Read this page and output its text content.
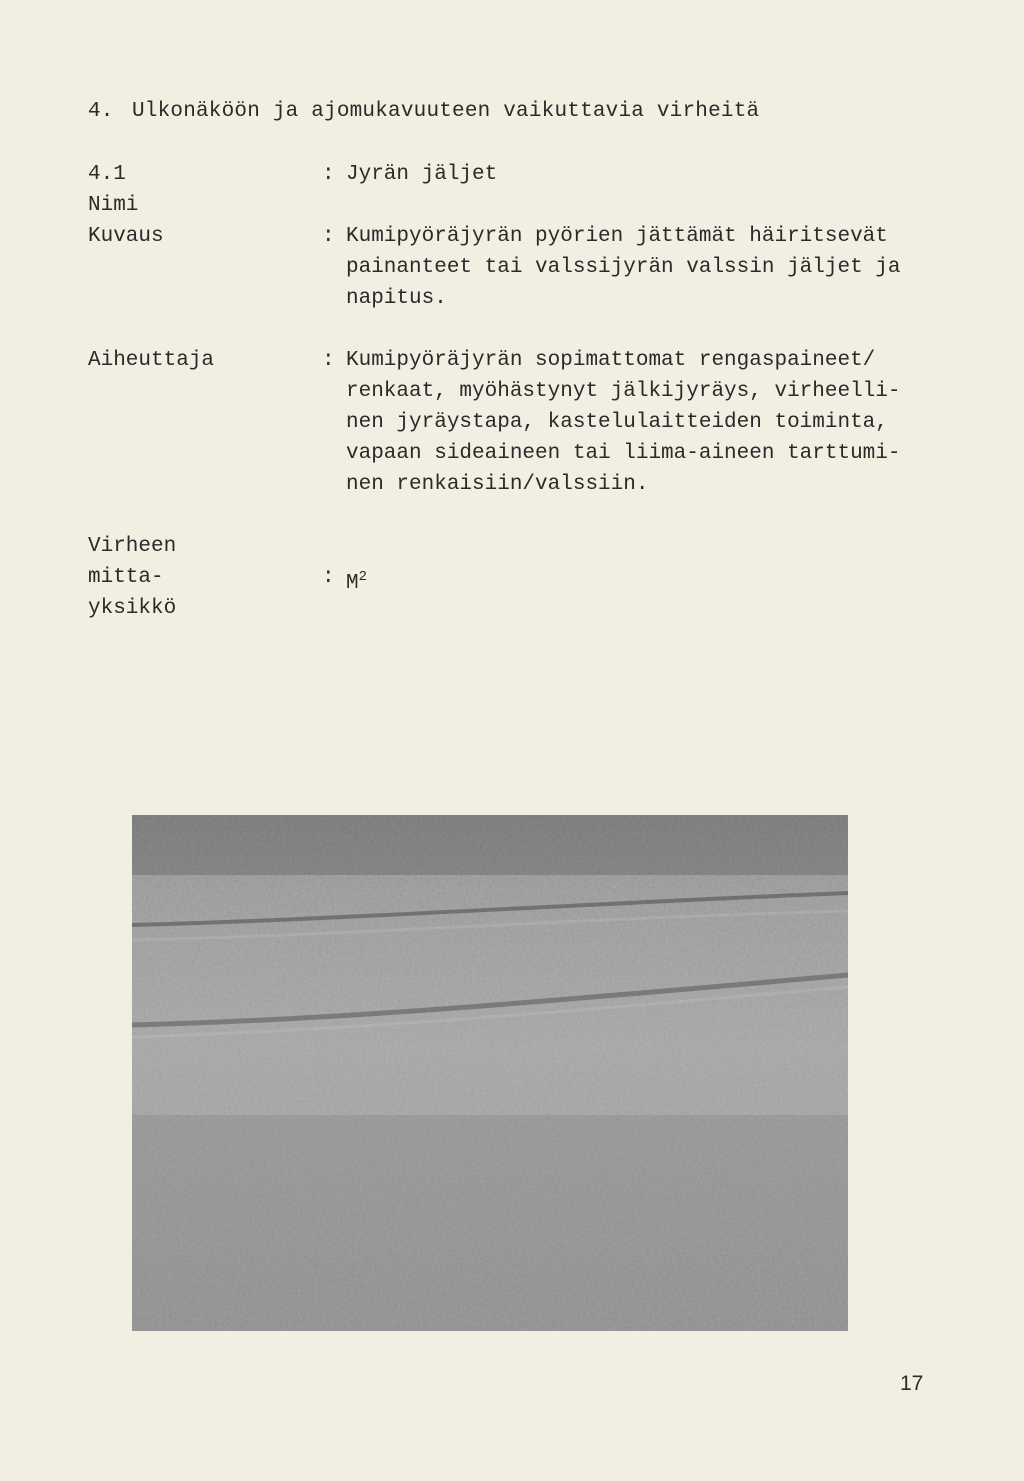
4. Ulkonäköön ja ajomukavuuteen vaikuttavia virheitä
4.1 Nimi
: Jyrän jäljet
Kuvaus	: Kumipyöräjyrän pyörien jättämät häiritsevät
painanteet tai valssijyrän valssin jäljet ja
napitus.
Aiheuttaja	: Kumipyöräjyrän sopimattomat rengaspaineet/
renkaat, myöhästynyt jälkijyräys, virheelli-
nen jyräystapa, kastelulaitteiden toiminta,
vapaan sideaineen tai liima-aineen tarttumi-
nen renkaisiin/valssiin.
Virheen mitta-
yksikkö
: $M^2$
17
